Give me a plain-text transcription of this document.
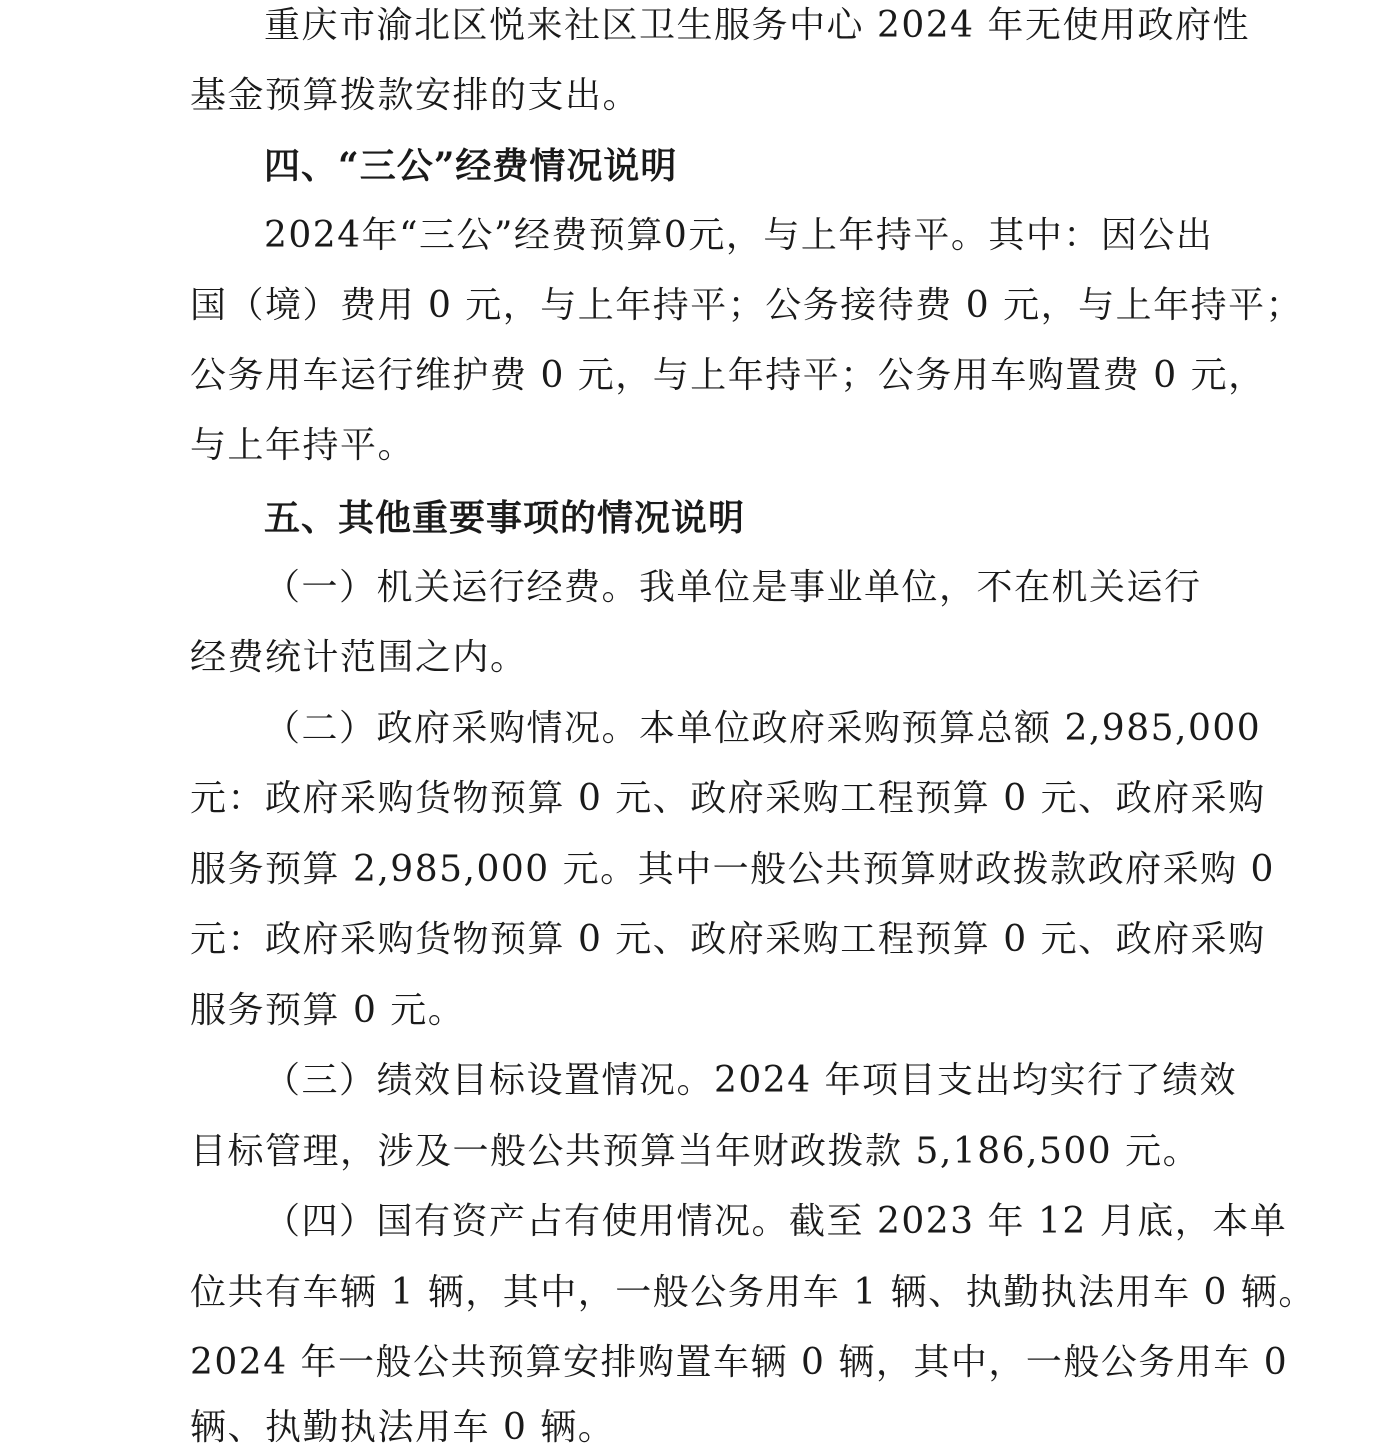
重庆市渝北区悦来社区卫生服务中心 2024 年无使用政府性
基金预算拨款安排的支出。
四、“三公”经费情况说明
2024年“三公”经费预算0元，与上年持平。其中：因公出
国（境）费用 0 元，与上年持平；公务接待费 0 元，与上年持平；
公务用车运行维护费 0 元，与上年持平；公务用车购置费 0 元，
与上年持平。
五、其他重要事项的情况说明
（一）机关运行经费。我单位是事业单位，不在机关运行
经费统计范围之内。
（二）政府采购情况。本单位政府采购预算总额 2,985,000
元：政府采购货物预算 0 元、政府采购工程预算 0 元、政府采购
服务预算 2,985,000 元。其中一般公共预算财政拨款政府采购 0
元：政府采购货物预算 0 元、政府采购工程预算 0 元、政府采购
服务预算 0 元。
（三）绩效目标设置情况。2024 年项目支出均实行了绩效
目标管理，涉及一般公共预算当年财政拨款 5,186,500 元。
（四）国有资产占有使用情况。截至 2023 年 12 月底，本单
位共有车辆 1 辆，其中，一般公务用车 1 辆、执勤执法用车 0 辆。
2024 年一般公共预算安排购置车辆 0 辆，其中，一般公务用车 0
辆、执勤执法用车 0 辆。
